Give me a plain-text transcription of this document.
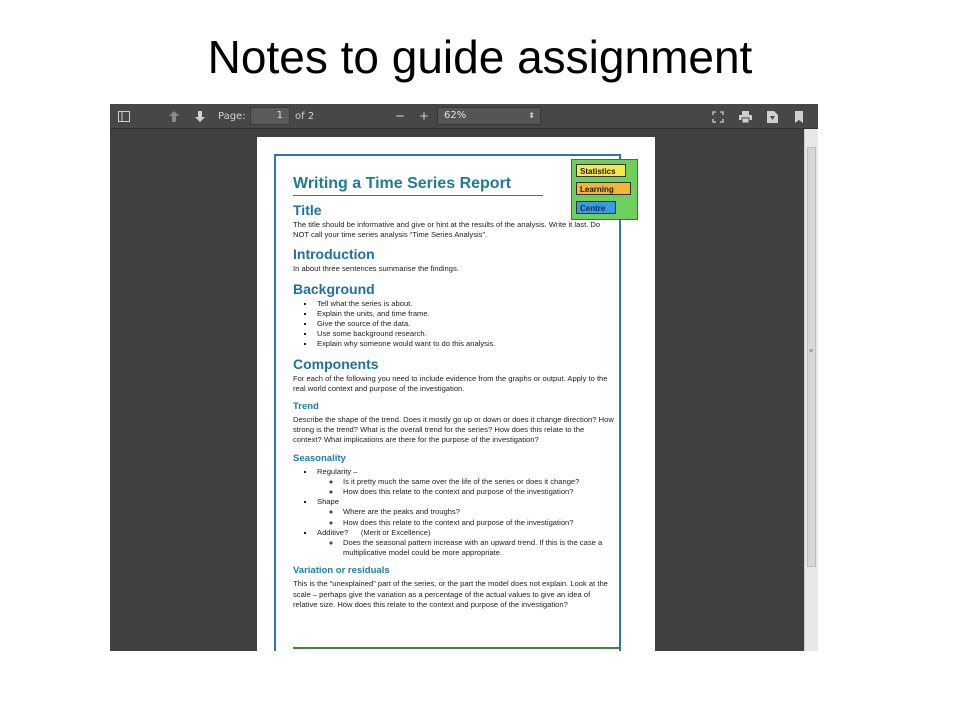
Notes to guide assignment
Page:	1	of 2	− +	62%	⬍
≡
Statistics
Learning
Centre
Writing a Time Series Report
Title
The title should be informative and give or hint at the results of the analysis. Write it last. Do NOT call your time series analysis “Time Series Analysis”.
Introduction
In about three sentences summarise the findings.
Background
▪ Tell what the series is about.
▪ Explain the units, and time frame.
▪ Give the source of the data.
▪ Use some background research.
▪ Explain why someone would want to do this analysis.
Components
For each of the following you need to include evidence from the graphs or output. Apply to the real world context and purpose of the investigation.
Trend
Describe the shape of the trend. Does it mostly go up or down or does it change direction? How strong is the trend? What is the overall trend for the series? How does this relate to the context? What implications are there for the purpose of the investigation?
Seasonality
▪ Regularity –
◦ Is it pretty much the same over the life of the series or does it change?
◦ How does this relate to the context and purpose of the investigation?
▪ Shape
◦ Where are the peaks and troughs?
◦ How does this relate to the context and purpose of the investigation?
▪ Additive?      (Merit or Excellence)
◦ Does the seasonal pattern increase with an upward trend. If this is the case a multiplicative model could be more appropriate.
Variation or residuals
This is the “unexplained” part of the series, or the part the model does not explain. Look at the scale – perhaps give the variation as a percentage of the actual values to give an idea of relative size. How does this relate to the context and purpose of the investigation?
